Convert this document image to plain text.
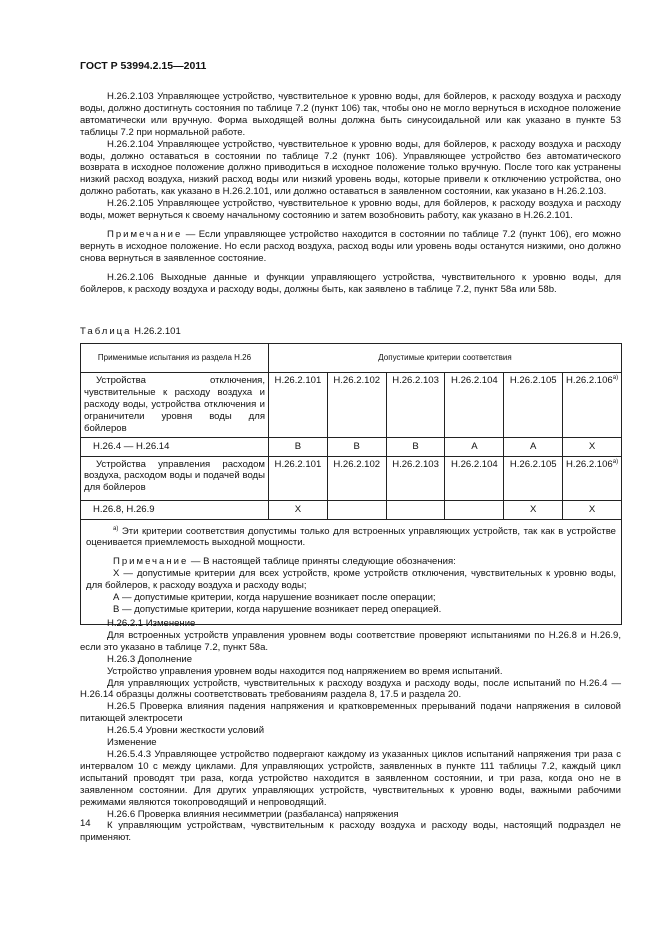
ГОСТ Р 53994.2.15—2011

Н.26.2.103 Управляющее устройство, чувствительное к уровню воды, для бойлеров, к расходу воздуха и расходу воды, должно достигнуть состояния по таблице 7.2 (пункт 106) так, чтобы оно не могло вернуться в исходное положение автоматически или вручную. Форма выходящей волны должна быть синусоидальной или как указано в пункте 53 таблицы 7.2 при нормальной работе.

Н.26.2.104 Управляющее устройство, чувствительное к уровню воды, для бойлеров, к расходу воздуха и расходу воды, должно оставаться в состоянии по таблице 7.2 (пункт 106). Управляющее устройство без автоматического возврата в исходное положение должно приводиться в исходное положение только вручную. После того как устранены низкий расход воздуха, низкий расход воды или низкий уровень воды, которые привели к отключению устройства, оно должно работать, как указано в Н.26.2.101, или должно оставаться в заявленном состоянии, как указано в Н.26.2.103.

Н.26.2.105 Управляющее устройство, чувствительное к уровню воды, для бойлеров, к расходу воздуха и расходу воды, может вернуться к своему начальному состоянию и затем возобновить работу, как указано в Н.26.2.101.

Примечание — Если управляющее устройство находится в состоянии по таблице 7.2 (пункт 106), его можно вернуть в исходное положение. Но если расход воздуха, расход воды или уровень воды останутся низкими, оно должно снова вернуться в заявленное состояние.

Н.26.2.106 Выходные данные и функции управляющего устройства, чувствительного к уровню воды, для бойлеров, к расходу воздуха и расходу воды, должны быть, как заявлено в таблице 7.2, пункт 58а или 58b.

Таблица Н.26.2.101
Применимые испытания из раздела Н.26	Допустимые критерии соответствия					
Устройства отключения, чувствительные к расходу воздуха и расходу воды, устройства отключения и ограничители уровня воды для бойлеров	Н.26.2.101	Н.26.2.102	Н.26.2.103	Н.26.2.104	Н.26.2.105	$Н.26.2.106^{а)}$
Н.26.4 — Н.26.14	B	B	B	A	A	X
Устройства управления расходом воздуха, расходом воды и подачей воды для бойлеров	Н.26.2.101	Н.26.2.102	Н.26.2.103	Н.26.2.104	Н.26.2.105	$Н.26.2.106^{а)}$
Н.26.8, Н.26.9	X				X	X

$^{а)}$ Эти критерии соответствия допустимы только для встроенных управляющих устройств, так как в устройстве оценивается приемлемость выходной мощности.

Примечание — В настоящей таблице приняты следующие обозначения:

X — допустимые критерии для всех устройств, кроме устройств отключения, чувствительных к уровню воды, для бойлеров, к расходу воздуха и расходу воды;

А — допустимые критерии, когда нарушение возникает после операции;

В — допустимые критерии, когда нарушение возникает перед операцией.						

Н.26.2.1 Изменение

Для встроенных устройств управления уровнем воды соответствие проверяют испытаниями по Н.26.8 и Н.26.9, если это указано в таблице 7.2, пункт 58а.

Н.26.3 Дополнение

Устройство управления уровнем воды находится под напряжением во время испытаний.

Для управляющих устройств, чувствительных к расходу воздуха и расходу воды, после испытаний по Н.26.4 — Н.26.14 образцы должны соответствовать требованиям раздела 8, 17.5 и раздела 20.

Н.26.5 Проверка влияния падения напряжения и кратковременных прерываний подачи напряжения в силовой питающей электросети

Н.26.5.4 Уровни жесткости условий

Изменение

Н.26.5.4.3 Управляющее устройство подвергают каждому из указанных циклов испытаний напряжения три раза с интервалом 10 с между циклами. Для управляющих устройств, заявленных в пункте 111 таблицы 7.2, каждый цикл испытаний проводят три раза, когда устройство находится в заявленном состоянии, и три раза, когда оно не в заявленном состоянии. Для других управляющих устройств, чувствительных к уровню воды, важными рабочими режимами являются токопроводящий и непроводящий.

Н.26.6 Проверка влияния несимметрии (разбаланса) напряжения

К управляющим устройствам, чувствительным к расходу воздуха и расходу воды, настоящий подраздел не применяют.

14
